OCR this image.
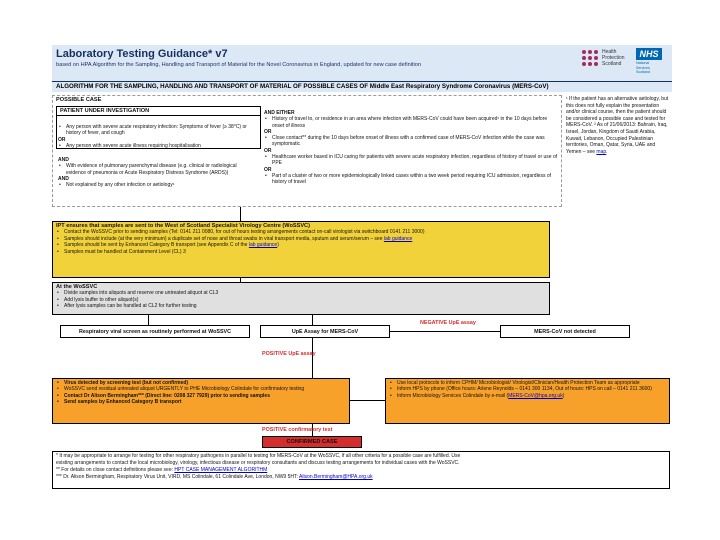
Laboratory Testing Guidance* v7
based on HPA Algorithm for the Sampling, Handling and Transport of Material for the Novel Coronavirus in England, updated for new case definition
Health
Protection
Scotland
NHS
National
Services
Scotland
ALGORITHM FOR THE SAMPLING, HANDLING AND TRANSPORT OF MATERIAL OF POSSIBLE CASES OF Middle East Respiratory Syndrome Coronavirus (MERS-CoV)
POSSIBLE CASE
PATIENT UNDER INVESTIGATION
• Any person with severe acute respiratory infection: Symptoms of fever (≥ 38°C) or history of fever, and cough
OR
• Any person with severe acute illness requiring hospitalisation
AND
• With evidence of pulmonary parenchymal disease (e.g. clinical or radiological evidence of pneumonia or Acute Respiratory Distress Syndrome (ARDS))
AND
• Not explained by any other infection or aetiology¹
AND EITHER
• History of travel to, or residence in an area where infection with MERS-CoV could have been acquired¹ in the 10 days before onset of illness
OR
• Close contact** during the 10 days before onset of illness with a confirmed case of MERS-CoV infection while the case was symptomatic
OR
• Healthcare worker based in ICU caring for patients with severe acute respiratory infection, regardless of history of travel or use of PPE
OR
• Part of a cluster of two or more epidemiologically linked cases within a two week period requiring ICU admission, regardless of history of travel
¹ If the patient has an alternative aetiology, but this does not fully explain the presentation and/or clinical course, then the patient should be considered a possible case and tested for MERS-CoV. ² As of 21/06/2013: Bahrain, Iraq, Israel, Jordan, Kingdom of Saudi Arabia, Kuwait, Lebanon, Occupied Palestinian territories, Oman, Qatar, Syria, UAE and Yemen – see map.
IPT ensures that samples are sent to the West of Scotland Specialist Virology Centre (WoSSVC)
• Contact the WoSSVC prior to sending samples (Tel: 0141 211 0080, for out of hours testing arrangements contact on-call virologist via switchboard 0141 211 3000)
• Samples should include (at the very minimum) a duplicate set of nose and throat swabs in viral transport media, sputum and serum/serum – see lab guidance
• Samples should be sent by Enhanced Category B transport (see Appendix C of the lab guidance)
• Samples must be handled at Containment Level (CL) 3
At the WoSSVC
• Divide samples into aliquots and reserve one untreated aliquot at CL3
• Add lysis buffer to other aliquot(s)
• After lysis samples can be handled at CL2 for further testing
Respiratory viral screen as routinely performed at WoSSVC	UpE Assay for MERS-CoV
NEGATIVE UpE assay
MERS-CoV not detected
POSITIVE UpE assay
• Virus detected by screening test (but not confirmed)
• WoSSVC send residual untreated aliquot URGENTLY to PHE Microbiology Colindale for confirmatory testing
• Contact Dr Alison Bermingham*** (Direct line: 0208 327 7929) prior to sending samples
• Send samples by Enhanced Category B transport
• Use local protocols to inform CPHM/ Microbiologist/ Virologist/Clinician/Health Protection Team as appropriate
• Inform HPS by phone (Office hours: Arlene Reynolds – 0141 300 1134, Out of hours: HPS on call – 0141 211 3600)
• Inform Microbiology Services Colindale by e-mail (MERS-CoV@hpa.org.uk)
POSITIVE confirmatory test
CONFIRMED CASE
* It may be appropriate to arrange for testing for other respiratory pathogens in parallel to testing for MERS-CoV at the WoSSVC, if all other criteria for a possible case are fulfilled. Use
existing arrangements to contact the local microbiology, virology, infectious disease or respiratory consultants and discuss testing arrangements for individual cases with the WoSSVC.
** For details on close contact definitions please see: HPT CASE MANAGEMENT ALGORITHM
*** Dr. Alison Bermingham, Respiratory Virus Unit, VIRD, MS Colindale, 61 Colindale Ave, London, NW9 5HT: Alison.Bermingham@HPA.org.uk
